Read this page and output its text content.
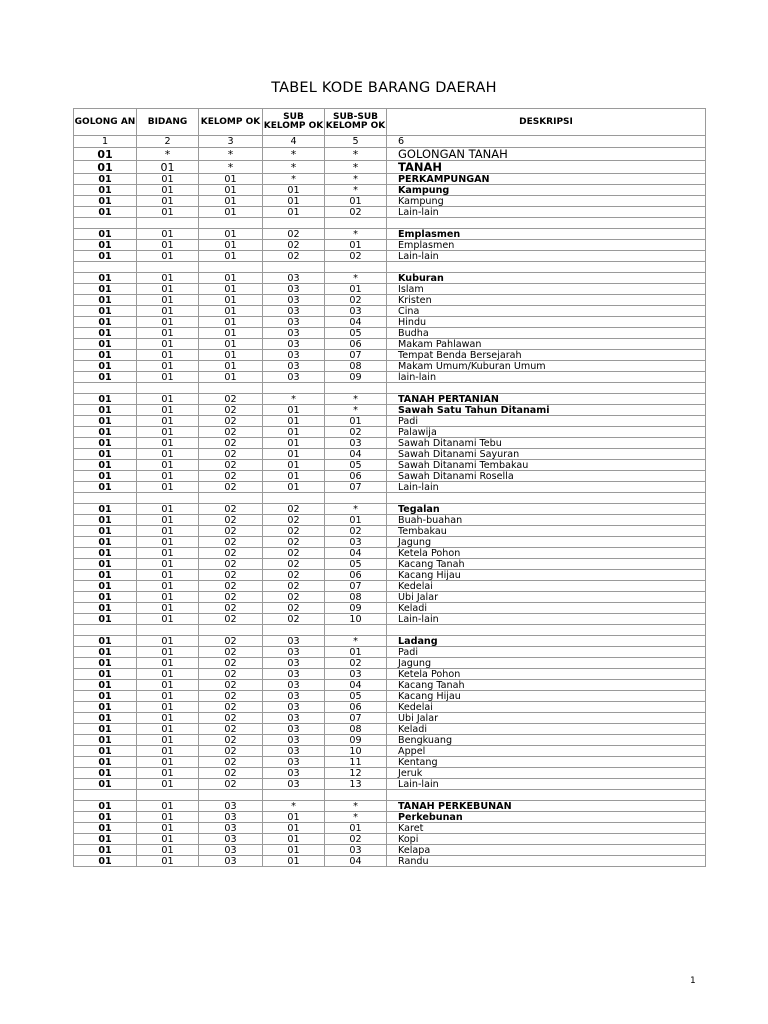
TABEL KODE BARANG DAERAH
GOLONG AN	BIDANG	KELOMP OK	SUB KELOMP OK	SUB-SUB KELOMP OK	DESKRIPSI
1	2	3	4	5	6
01	*	*	*	*	GOLONGAN TANAH
01	01	*	*	*	TANAH
01	01	01	*	*	PERKAMPUNGAN
01	01	01	01	*	Kampung
01	01	01	01	01	Kampung
01	01	01	01	02	Lain-lain

01	01	01	02	*	Emplasmen
01	01	01	02	01	Emplasmen
01	01	01	02	02	Lain-lain

01	01	01	03	*	Kuburan
01	01	01	03	01	Islam
01	01	01	03	02	Kristen
01	01	01	03	03	Cina
01	01	01	03	04	Hindu
01	01	01	03	05	Budha
01	01	01	03	06	Makam Pahlawan
01	01	01	03	07	Tempat Benda Bersejarah
01	01	01	03	08	Makam Umum/Kuburan Umum
01	01	01	03	09	lain-lain

01	01	02	*	*	TANAH PERTANIAN
01	01	02	01	*	Sawah Satu Tahun Ditanami
01	01	02	01	01	Padi
01	01	02	01	02	Palawija
01	01	02	01	03	Sawah Ditanami Tebu
01	01	02	01	04	Sawah Ditanami Sayuran
01	01	02	01	05	Sawah Ditanami Tembakau
01	01	02	01	06	Sawah Ditanami Rosella
01	01	02	01	07	Lain-lain

01	01	02	02	*	Tegalan
01	01	02	02	01	Buah-buahan
01	01	02	02	02	Tembakau
01	01	02	02	03	Jagung
01	01	02	02	04	Ketela Pohon
01	01	02	02	05	Kacang Tanah
01	01	02	02	06	Kacang Hijau
01	01	02	02	07	Kedelai
01	01	02	02	08	Ubi Jalar
01	01	02	02	09	Keladi
01	01	02	02	10	Lain-lain

01	01	02	03	*	Ladang
01	01	02	03	01	Padi
01	01	02	03	02	Jagung
01	01	02	03	03	Ketela Pohon
01	01	02	03	04	Kacang Tanah
01	01	02	03	05	Kacang Hijau
01	01	02	03	06	Kedelai
01	01	02	03	07	Ubi Jalar
01	01	02	03	08	Keladi
01	01	02	03	09	Bengkuang
01	01	02	03	10	Appel
01	01	02	03	11	Kentang
01	01	02	03	12	Jeruk
01	01	02	03	13	Lain-lain

01	01	03	*	*	TANAH PERKEBUNAN
01	01	03	01	*	Perkebunan
01	01	03	01	01	Karet
01	01	03	01	02	Kopi
01	01	03	01	03	Kelapa
01	01	03	01	04	Randu
1
